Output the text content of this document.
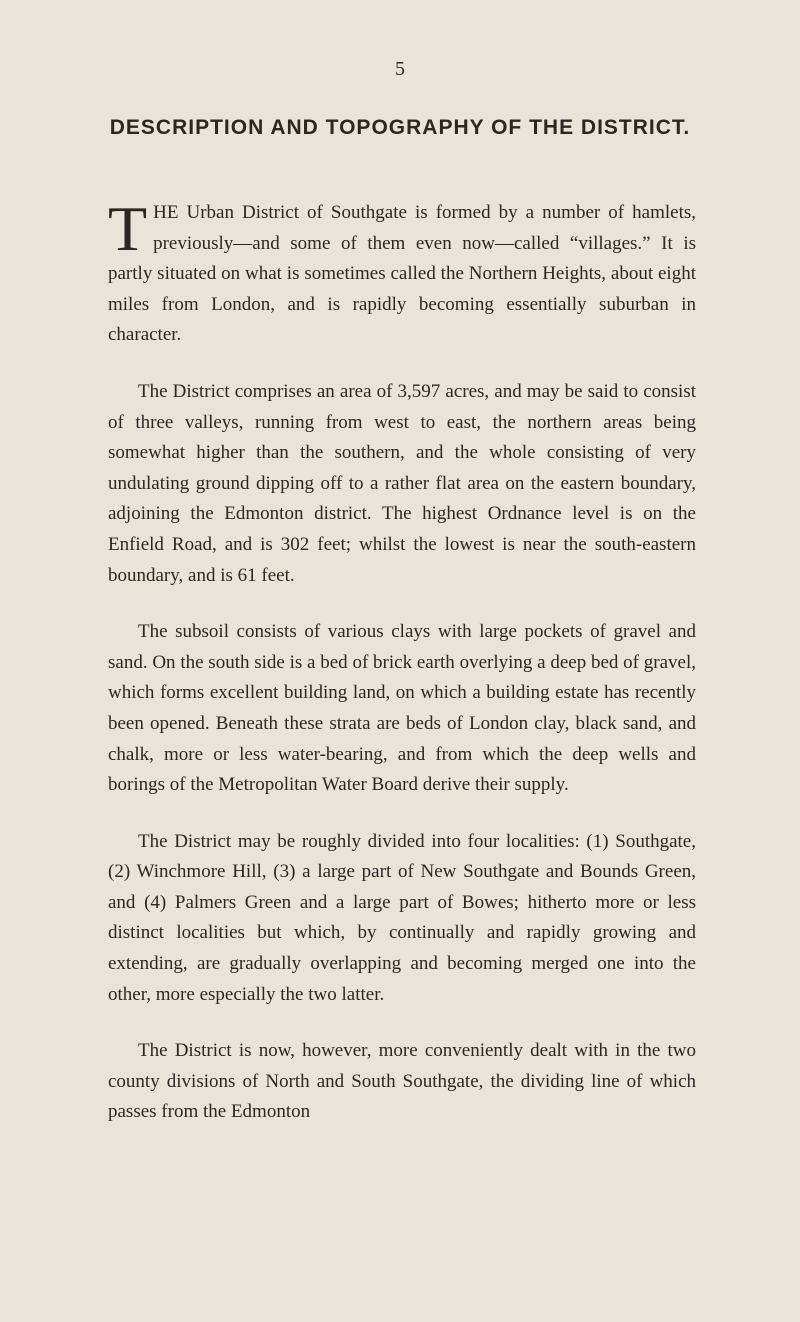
5
DESCRIPTION AND TOPOGRAPHY OF THE DISTRICT.

THE Urban District of Southgate is formed by a number of hamlets, previously—and some of them even now—called “villages.” It is partly situated on what is sometimes called the Northern Heights, about eight miles from London, and is rapidly becoming essentially suburban in character.

The District comprises an area of 3,597 acres, and may be said to consist of three valleys, running from west to east, the northern areas being somewhat higher than the southern, and the whole consisting of very undulating ground dipping off to a rather flat area on the eastern boundary, adjoining the Edmonton district. The highest Ordnance level is on the Enfield Road, and is 302 feet; whilst the lowest is near the south-eastern boundary, and is 61 feet.

The subsoil consists of various clays with large pockets of gravel and sand. On the south side is a bed of brick earth overlying a deep bed of gravel, which forms excellent building land, on which a building estate has recently been opened. Beneath these strata are beds of London clay, black sand, and chalk, more or less water-bearing, and from which the deep wells and borings of the Metropolitan Water Board derive their supply.

The District may be roughly divided into four localities: (1) Southgate, (2) Winchmore Hill, (3) a large part of New Southgate and Bounds Green, and (4) Palmers Green and a large part of Bowes; hitherto more or less distinct localities but which, by continually and rapidly growing and extending, are gradually overlapping and becoming merged one into the other, more especially the two latter.

The District is now, however, more conveniently dealt with in the two county divisions of North and South Southgate, the dividing line of which passes from the Edmonton
